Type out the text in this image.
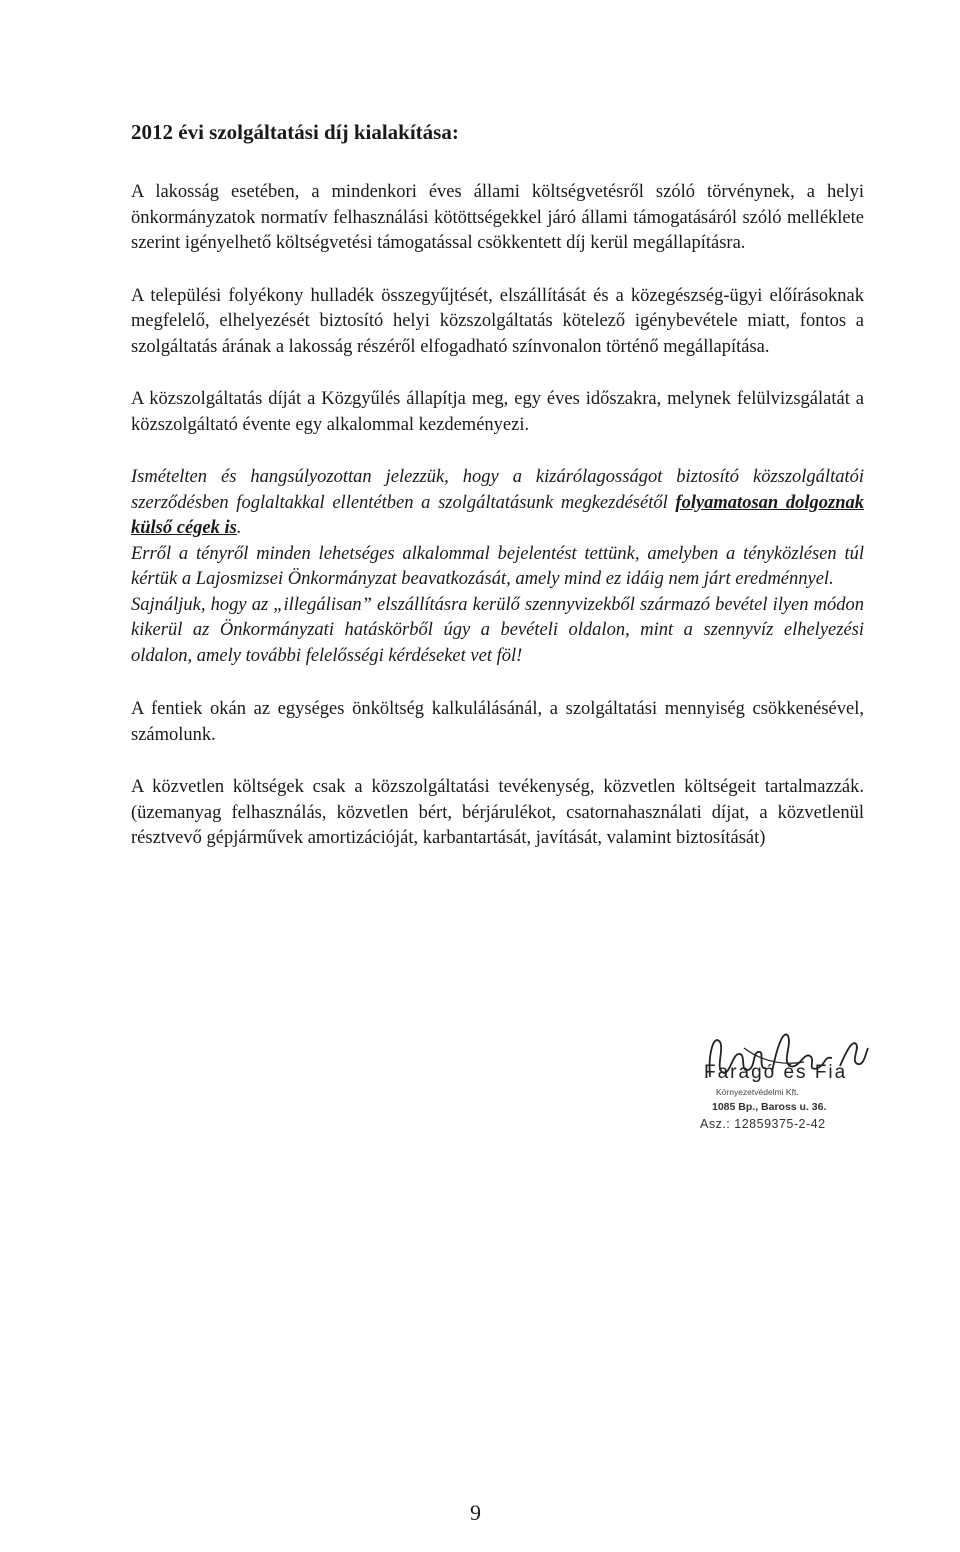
2012 évi szolgáltatási díj kialakítása:

A lakosság esetében, a mindenkori éves állami költségvetésről szóló törvénynek, a helyi önkormányzatok normatív felhasználási kötöttségekkel járó állami támogatásáról szóló melléklete szerint igényelhető költségvetési támogatással csökkentett díj kerül megállapításra.

A települési folyékony hulladék összegyűjtését, elszállítását és a közegészség-ügyi előírásoknak megfelelő, elhelyezését biztosító helyi közszolgáltatás kötelező igénybevétele miatt, fontos a szolgáltatás árának a lakosság részéről elfogadható színvonalon történő megállapítása.

A közszolgáltatás díját a Közgyűlés állapítja meg, egy éves időszakra, melynek felülvizsgálatát a közszolgáltató évente egy alkalommal kezdeményezi.

Ismételten és hangsúlyozottan jelezzük, hogy a kizárólagosságot biztosító közszolgáltatói szerződésben foglaltakkal ellentétben a szolgáltatásunk megkezdésétől folyamatosan dolgoznak külső cégek is.

Erről a tényről minden lehetséges alkalommal bejelentést tettünk, amelyben a tényközlésen túl kértük a Lajosmizsei Önkormányzat beavatkozását, amely mind ez idáig nem járt eredménnyel.

Sajnáljuk, hogy az „illegálisan” elszállításra kerülő szennyvizekből származó bevétel ilyen módon kikerül az Önkormányzati hatáskörből úgy a bevételi oldalon, mint a szennyvíz elhelyezési oldalon, amely további felelősségi kérdéseket vet föl!

A fentiek okán az egységes önköltség kalkulálásánál, a szolgáltatási mennyiség csökkenésével, számolunk.

A közvetlen költségek csak a közszolgáltatási tevékenység, közvetlen költségeit tartalmazzák. (üzemanyag felhasználás, közvetlen bért, bérjárulékot, csatornahasználati díjat, a közvetlenül résztvevő gépjárművek amortizációját, karbantartását, javítását, valamint biztosítását)

Faragó és Fia
Környezetvédelmi Kft.
1085 Bp., Baross u. 36.
Asz.: 12859375-2-42
9
